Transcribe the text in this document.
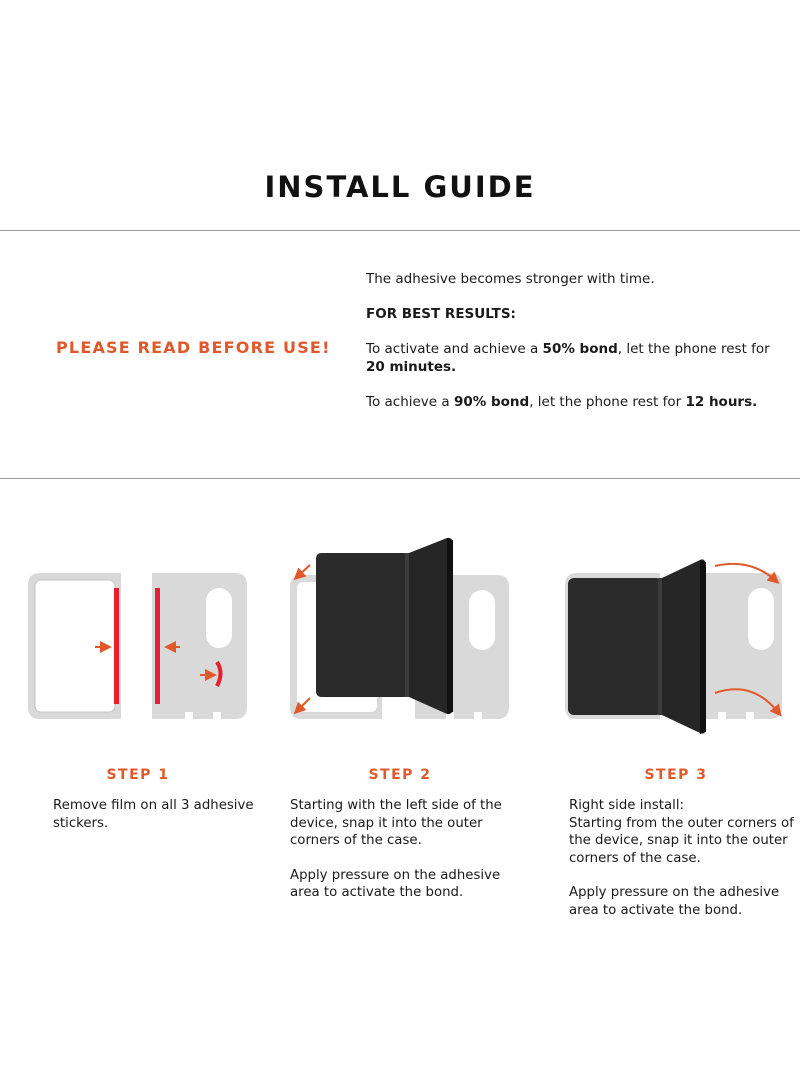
INSTALL GUIDE
PLEASE READ BEFORE USE!

The adhesive becomes stronger with time.

FOR BEST RESULTS:

To activate and achieve a 50% bond, let the phone rest for 20 minutes.

To achieve a 90% bond, let the phone rest for 12 hours.

STEP 1

Remove film on all 3 adhesive stickers.

STEP 2

Starting with the left side of the device, snap it into the outer corners of the case.

Apply pressure on the adhesive area to activate the bond.

STEP 3

Right side install:

Starting from the outer corners of the device, snap it into the outer corners of the case.

Apply pressure on the adhesive area to activate the bond.
